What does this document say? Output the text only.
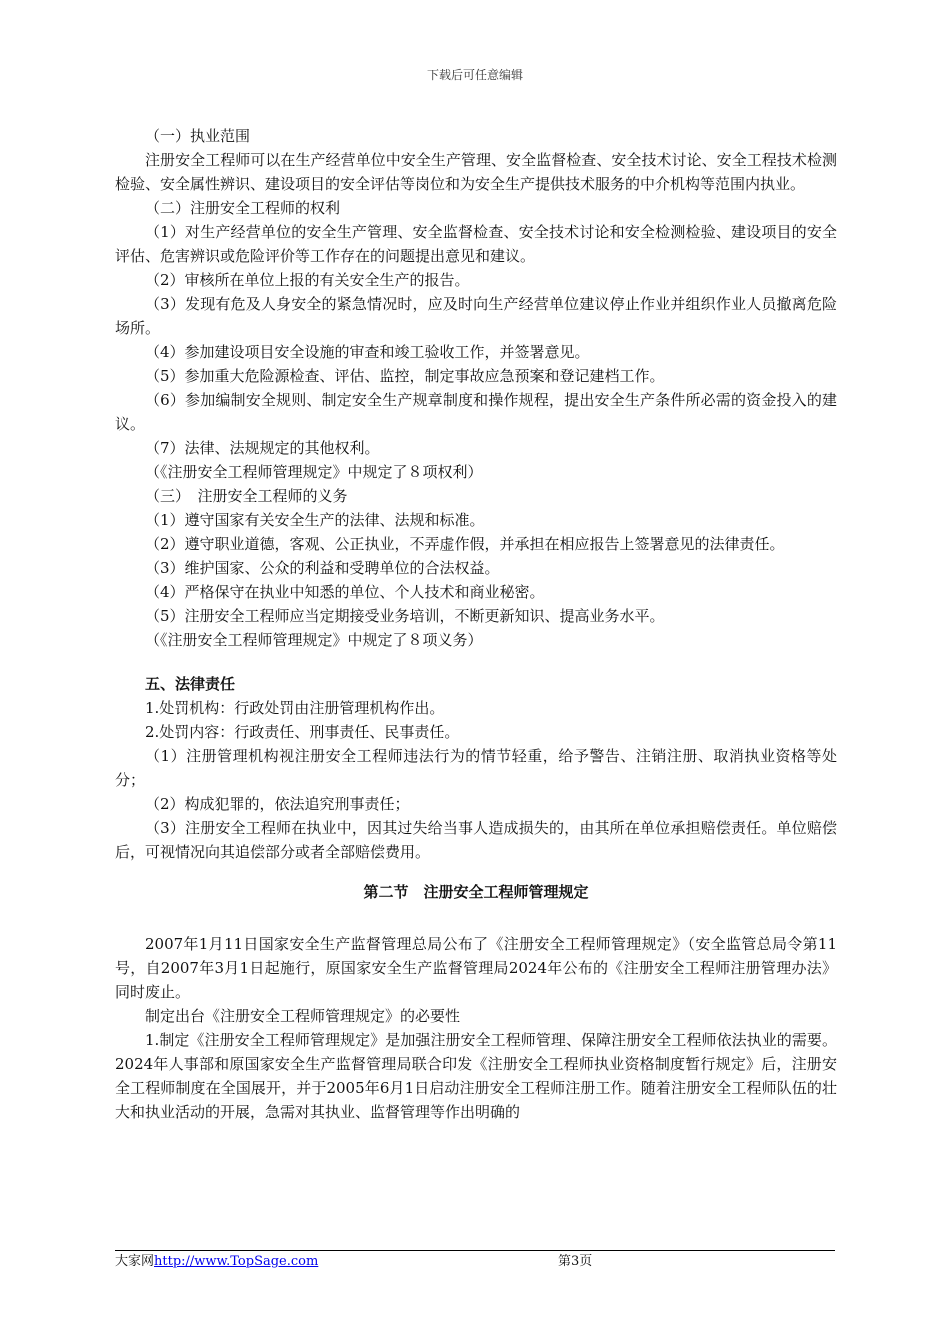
下载后可任意编辑

（一）执业范围

注册安全工程师可以在生产经营单位中安全生产管理、安全监督检查、安全技术讨论、安全工程技术检测检验、安全属性辨识、建设项目的安全评估等岗位和为安全生产提供技术服务的中介机构等范围内执业。

（二）注册安全工程师的权利

（1）对生产经营单位的安全生产管理、安全监督检查、安全技术讨论和安全检测检验、建设项目的安全评估、危害辨识或危险评价等工作存在的问题提出意见和建议。

（2）审核所在单位上报的有关安全生产的报告。

（3）发现有危及人身安全的紧急情况时，应及时向生产经营单位建议停止作业并组织作业人员撤离危险场所。

（4）参加建设项目安全设施的审查和竣工验收工作，并签署意见。

（5）参加重大危险源检查、评估、监控，制定事故应急预案和登记建档工作。

（6）参加编制安全规则、制定安全生产规章制度和操作规程，提出安全生产条件所必需的资金投入的建议。

（7）法律、法规规定的其他权利。

（《注册安全工程师管理规定》中规定了８项权利）

（三）　注册安全工程师的义务

（1）遵守国家有关安全生产的法律、法规和标准。

（2）遵守职业道德，客观、公正执业，不弄虚作假，并承担在相应报告上签署意见的法律责任。

（3）维护国家、公众的利益和受聘单位的合法权益。

（4）严格保守在执业中知悉的单位、个人技术和商业秘密。

（5）注册安全工程师应当定期接受业务培训，不断更新知识、提高业务水平。

（《注册安全工程师管理规定》中规定了８项义务）

五、法律责任

1.处罚机构：行政处罚由注册管理机构作出。

2.处罚内容：行政责任、刑事责任、民事责任。

（1）注册管理机构视注册安全工程师违法行为的情节轻重，给予警告、注销注册、取消执业资格等处分；

（2）构成犯罪的，依法追究刑事责任；

（3）注册安全工程师在执业中，因其过失给当事人造成损失的，由其所在单位承担赔偿责任。单位赔偿后，可视情况向其追偿部分或者全部赔偿费用。

第二节　注册安全工程师管理规定

2007年1月11日国家安全生产监督管理总局公布了《注册安全工程师管理规定》（安全监管总局令第11号，自2007年3月1日起施行，原国家安全生产监督管理局2024年公布的《注册安全工程师注册管理办法》同时废止。

制定出台《注册安全工程师管理规定》的必要性

1.制定《注册安全工程师管理规定》是加强注册安全工程师管理、保障注册安全工程师依法执业的需要。2024年人事部和原国家安全生产监督管理局联合印发《注册安全工程师执业资格制度暂行规定》后，注册安全工程师制度在全国展开，并于2005年6月1日启动注册安全工程师注册工作。随着注册安全工程师队伍的壮大和执业活动的开展，急需对其执业、监督管理等作出明确的

大家网http://www.TopSage.com	第3页
